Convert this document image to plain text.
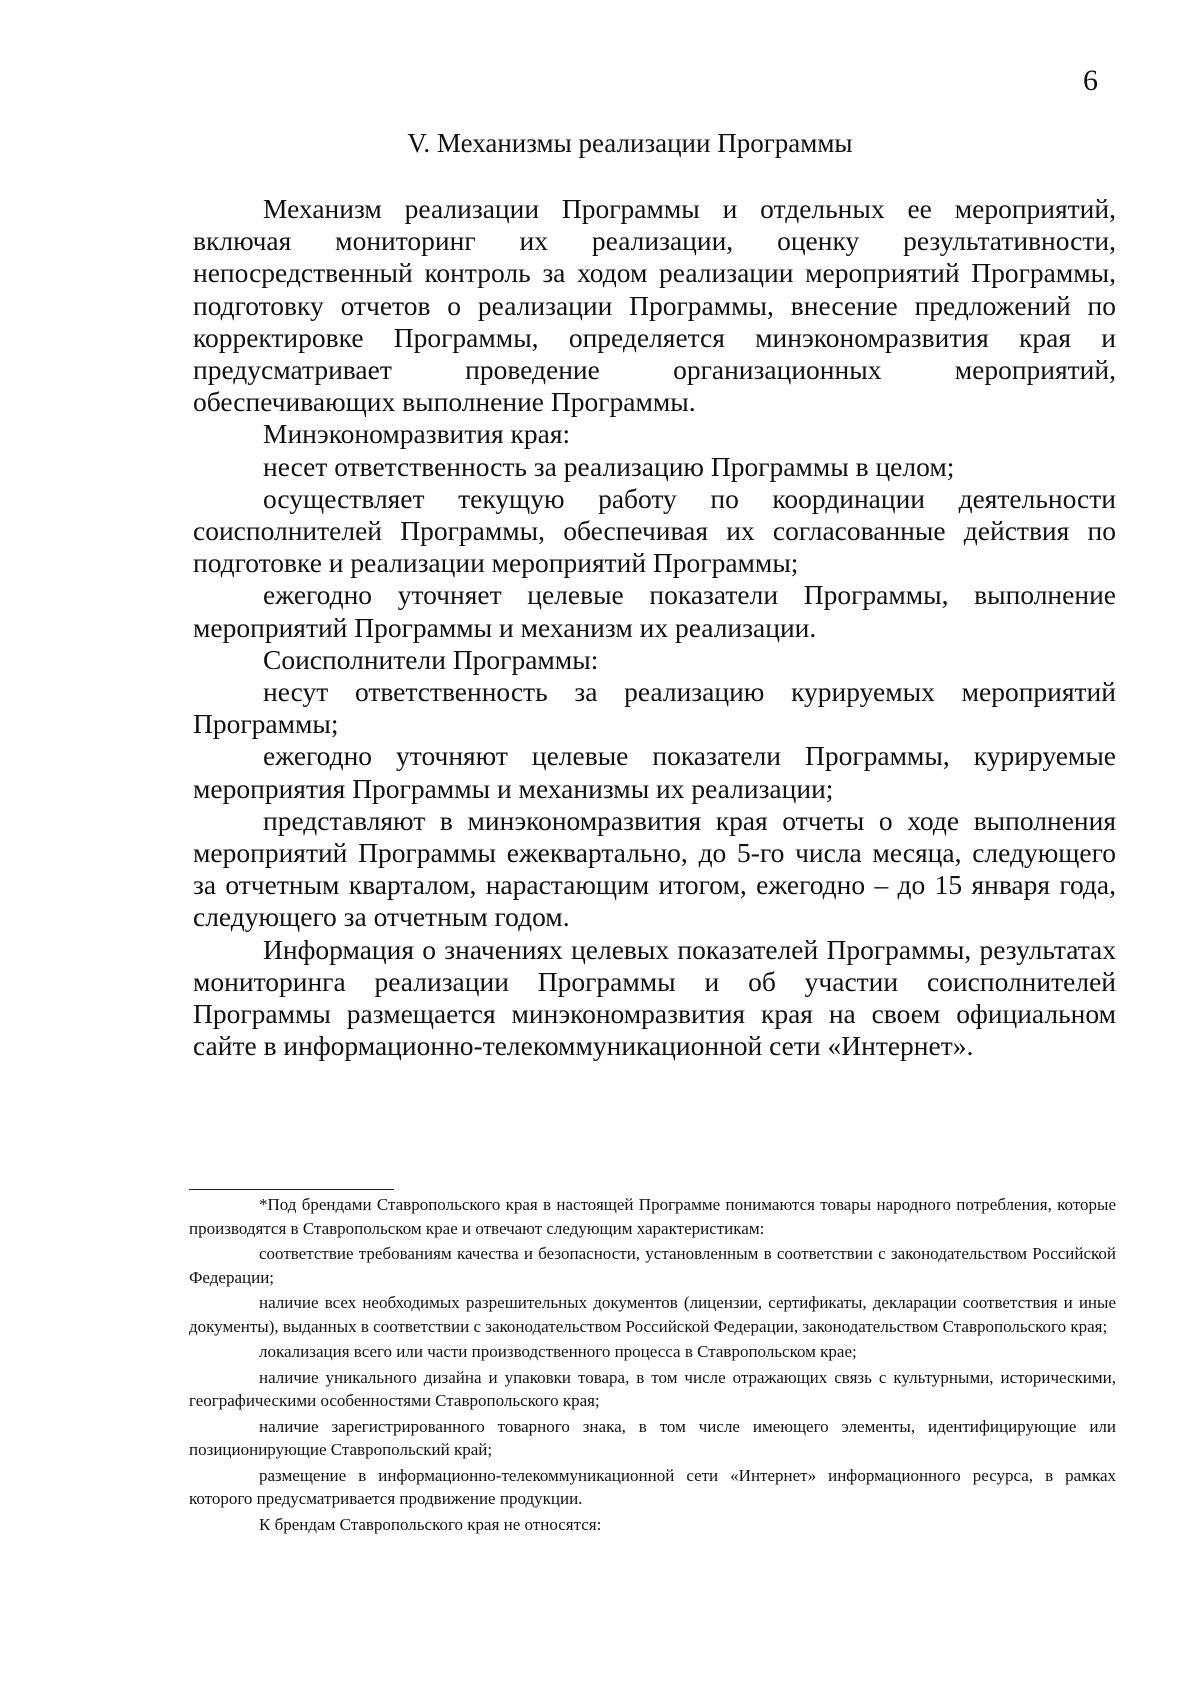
6
V. Механизмы реализации Программы

Механизм реализации Программы и отдельных ее мероприятий, включая мониторинг их реализации, оценку результативности, непосредственный контроль за ходом реализации мероприятий Программы, подготовку отчетов о реализации Программы, внесение предложений по корректировке Программы, определяется минэкономразвития края и предусматривает проведение организационных мероприятий, обеспечивающих выполнение Программы.

Минэкономразвития края:

несет ответственность за реализацию Программы в целом;

осуществляет текущую работу по координации деятельности соисполнителей Программы, обеспечивая их согласованные действия по подготовке и реализации мероприятий Программы;

ежегодно уточняет целевые показатели Программы, выполнение мероприятий Программы и механизм их реализации.

Соисполнители Программы:

несут ответственность за реализацию курируемых мероприятий Программы;

ежегодно уточняют целевые показатели Программы, курируемые мероприятия Программы и механизмы их реализации;

представляют в минэкономразвития края отчеты о ходе выполнения мероприятий Программы ежеквартально, до 5-го числа месяца, следующего за отчетным кварталом, нарастающим итогом, ежегодно – до 15 января года, следующего за отчетным годом.

Информация о значениях целевых показателей Программы, результатах мониторинга реализации Программы и об участии соисполнителей Программы размещается минэкономразвития края на своем официальном сайте в информационно-телекоммуникационной сети «Интернет».

*Под брендами Ставропольского края в настоящей Программе понимаются товары народного потребления, которые производятся в Ставропольском крае и отвечают следующим характеристикам:

соответствие требованиям качества и безопасности, установленным в соответствии с законодательством Российской Федерации;

наличие всех необходимых разрешительных документов (лицензии, сертификаты, декларации соответствия и иные документы), выданных в соответствии с законодательством Российской Федерации, законодательством Ставропольского края;

локализация всего или части производственного процесса в Ставропольском крае;

наличие уникального дизайна и упаковки товара, в том числе отражающих связь с культурными, историческими, географическими особенностями Ставропольского края;

наличие зарегистрированного товарного знака, в том числе имеющего элементы, идентифицирующие или позиционирующие Ставропольский край;

размещение в информационно-телекоммуникационной сети «Интернет» информационного ресурса, в рамках которого предусматривается продвижение продукции.

К брендам Ставропольского края не относятся:
